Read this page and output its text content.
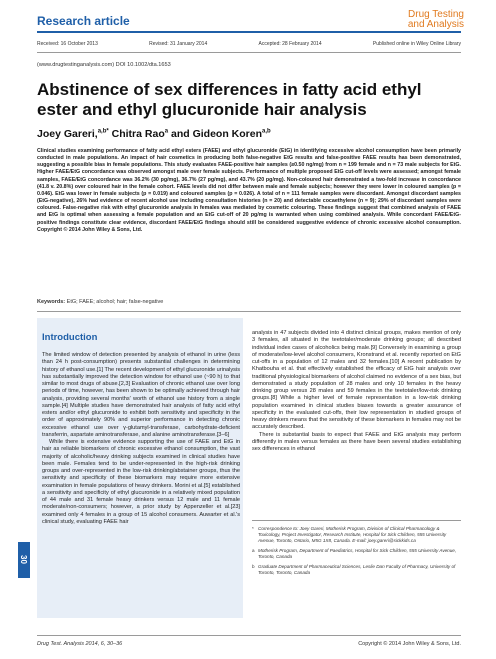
Research article	Drug Testing
and Analysis
Received: 16 October 2013	Revised: 31 January 2014	Accepted: 28 February 2014	Published online in Wiley Online Library
(www.drugtestinganalysis.com) DOI 10.1002/dta.1653
Abstinence of sex differences in fatty acid ethyl ester and ethyl glucuronide hair analysis
Joey Gareri,$^{a,b*}$ Chitra Rao$^a$ and Gideon Koren$^{a,b}$

Clinical studies examining performance of fatty acid ethyl esters (FAEE) and ethyl glucuronide (EtG) in identifying excessive alcohol consumption have been primarily conducted in male populations. An impact of hair cosmetics in producing both false-negative EtG results and false-positive FAEE results has been demonstrated, suggesting a possible bias in female populations. This study evaluates FAEE-positive hair samples (≥0.50 ng/mg) from n = 199 female and n = 73 male subjects for EtG. Higher FAEE/EtG concordance was observed amongst male over female subjects. Performance of multiple proposed EtG cut-off levels were assessed; amongst female samples, FAEE/EtG concordance was 36.2% (30 pg/mg), 36.7% (27 pg/mg), and 43.7% (20 pg/mg). Non-coloured hair demonstrated a two-fold increase in concordance (41.8 v. 20.8%) over coloured hair in the female cohort. FAEE levels did not differ between male and female subjects; however they were lower in coloured samples (p = 0.046). EtG was lower in female subjects (p = 0.019) and coloured samples (p = 0.026). A total of n = 111 female samples were discordant. Amongst discordant samples (EtG-negative), 26% had evidence of recent alcohol use including consultation histories (n = 20) and detectable cocaethylene (n = 9); 29% of discordant samples were coloured. False-negative risk with ethyl glucuronide analysis in females was mediated by cosmetic colouring. These findings suggest that combined analysis of FAEE and EtG is optimal when assessing a female population and an EtG cut-off of 20 pg/mg is warranted when using combined analysis. While concordant FAEE/EtG-positive findings constitute clear evidence, discordant FAEE/EtG findings should still be considered suggestive evidence of chronic excessive alcohol consumption. Copyright © 2014 John Wiley & Sons, Ltd.

Keywords: EtG; FAEE; alcohol; hair; false-negative
Introduction

The limited window of detection presented by analysis of ethanol in urine (less than 24 h post-consumption) presents substantial challenges in determining history of ethanol use.[1] The recent development of ethyl glucuronide urinalysis has substantially improved the detection window for ethanol use (~90 h) to that similar to most drugs of abuse.[2,3] Evaluation of chronic ethanol use over long periods of time, however, has been shown to be optimally achieved through hair analysis, providing several months' worth of ethanol use history from a single sample.[4] Multiple studies have demonstrated hair analysis of fatty acid ethyl esters and/or ethyl glucuronide to exhibit both sensitivity and specificity in the order of approximately 90% and superior performance in detecting chronic excessive ethanol use over γ-glutamyl-transferase, carbohydrate-deficient transferrin, aspartate aminotransferase, and alanine aminotransferase.[3–6]

While there is extensive evidence supporting the use of FAEE and EtG in hair as reliable biomarkers of chronic excessive ethanol consumption, the vast majority of alcoholic/heavy drinking subjects examined in clinical studies have been male. Females tend to be under-represented in the high-risk drinking groups and over-represented in the low-risk drinking/abstainer groups, thus the sensitivity and specificity of these biomarkers may require more extensive examination in female populations of heavy drinkers. Morini et al.[5] established a sensitivity and specificity of ethyl glucuronide in a relatively mixed population of 44 male and 31 female heavy drinkers versus 12 male and 11 female moderate/non-consumers; however, a prior study by Appenzeller et al.[23] examined only 4 females in a group of 15 alcohol consumers. Auwarter et al.'s clinical study, evaluating FAEE hair

analysis in 47 subjects divided into 4 distinct clinical groups, makes mention of only 3 females, all situated in the teetotaler/moderate drinking groups; all described individual index cases of alcoholics being male.[9] Conversely in examining a group of moderate/low-level alcohol consumers, Kronstrand et al. recently reported on EtG cut-offs in a population of 12 males and 32 females.[10] A recent publication by Khatbouha et al. that effectively established the efficacy of EtG hair analysis over traditional physiological biomarkers of alcohol claimed no evidence of a sex bias, but demonstrated a study population of 28 males and only 10 females in the heavy drinking group versus 28 males and 59 females in the teetotaler/low-risk drinking groups.[8] While a higher level of female representation in a low-risk drinking population examined in clinical studies biases towards a greater assurance of specificity in the evaluated cut-offs, their low representation in studied groups of heavy drinkers means that the sensitivity of these biomarkers in females may not be accurately described.

There is substantial basis to expect that FAEE and EtG analysis may perform differently in males versus females as there have been several studies establishing sex differences in ethanol

* Correspondence to: Joey Gareri, Motherisk Program, Division of Clinical Pharmacology & Toxicology, Project Investigator, Research Institute, Hospital for Sick Children, 555 University Avenue, Toronto, Ontario, M5G 1X8, Canada. E-mail: joey.gareri@sickkids.ca
a Motherisk Program, Department of Paediatrics, Hospital for Sick Children, 555 University Avenue, Toronto, Canada
b Graduate Department of Pharmaceutical Sciences, Leslie Dan Faculty of Pharmacy, University of Toronto, Toronto, Canada
30
Drug Test. Analysis 2014, 6, 30–36	Copyright © 2014 John Wiley & Sons, Ltd.
